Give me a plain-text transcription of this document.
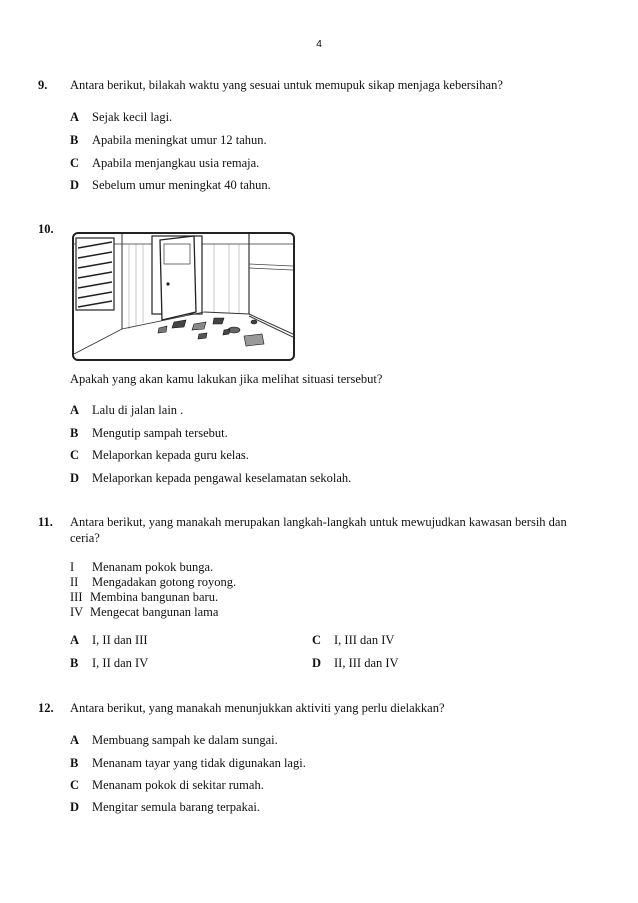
4
9. Antara berikut, bilakah waktu yang sesuai untuk memupuk sikap menjaga kebersihan?
A Sejak kecil lagi.
B Apabila meningkat umur 12 tahun.
C Apabila menjangkau usia remaja.
D Sebelum umur meningkat 40 tahun.
10.
Apakah yang akan kamu lakukan jika melihat situasi tersebut?
A Lalu di jalan lain .
B Mengutip sampah tersebut.
C Melaporkan kepada guru kelas.
D Melaporkan kepada pengawal keselamatan sekolah.
11. Antara berikut, yang manakah merupakan langkah-langkah untuk mewujudkan kawasan bersih dan
ceria?
I Menanam pokok bunga.
II Mengadakan gotong royong.
III Membina bangunan baru.
IV Mengecat bangunan lama
A I, II dan III
B I, II dan IV
C I, III dan IV
D II, III dan IV
12. Antara berikut, yang manakah menunjukkan aktiviti yang perlu dielakkan?
A Membuang sampah ke dalam sungai.
B Menanam tayar yang tidak digunakan lagi.
C Menanam pokok di sekitar rumah.
D Mengitar semula barang terpakai.
